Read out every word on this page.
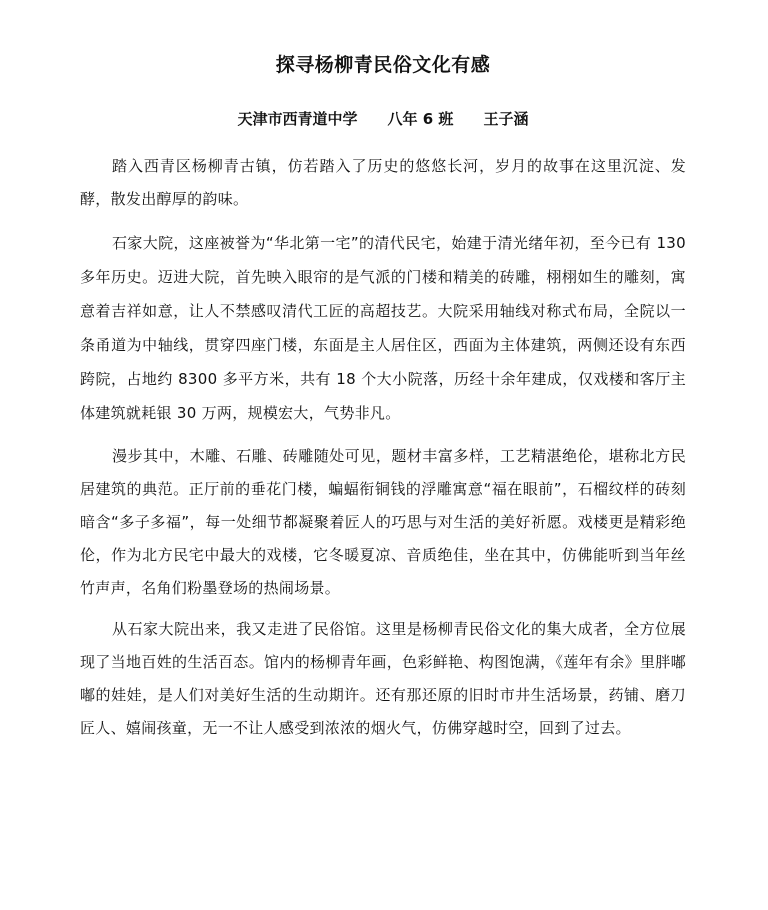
探寻杨柳青民俗文化有感
天津市西青道中学 八年 6 班 王子涵

踏入西青区杨柳青古镇，仿若踏入了历史的悠悠长河，岁月的故事在这里沉淀、发酵，散发出醇厚的韵味。

石家大院，这座被誉为“华北第一宅”的清代民宅，始建于清光绪年初，至今已有 130 多年历史。迈进大院，首先映入眼帘的是气派的门楼和精美的砖雕，栩栩如生的雕刻，寓意着吉祥如意，让人不禁感叹清代工匠的高超技艺。大院采用轴线对称式布局，全院以一条甬道为中轴线，贯穿四座门楼，东面是主人居住区，西面为主体建筑，两侧还设有东西跨院，占地约 8300 多平方米，共有 18 个大小院落，历经十余年建成，仅戏楼和客厅主体建筑就耗银 30 万两，规模宏大，气势非凡。

漫步其中，木雕、石雕、砖雕随处可见，题材丰富多样，工艺精湛绝伦，堪称北方民居建筑的典范。正厅前的垂花门楼，蝙蝠衔铜钱的浮雕寓意“福在眼前”，石榴纹样的砖刻暗含“多子多福”，每一处细节都凝聚着匠人的巧思与对生活的美好祈愿。戏楼更是精彩绝伦，作为北方民宅中最大的戏楼，它冬暖夏凉、音质绝佳，坐在其中，仿佛能听到当年丝竹声声，名角们粉墨登场的热闹场景。

从石家大院出来，我又走进了民俗馆。这里是杨柳青民俗文化的集大成者，全方位展现了当地百姓的生活百态。馆内的杨柳青年画，色彩鲜艳、构图饱满，《莲年有余》里胖嘟嘟的娃娃，是人们对美好生活的生动期许。还有那还原的旧时市井生活场景，药铺、磨刀匠人、嬉闹孩童，无一不让人感受到浓浓的烟火气，仿佛穿越时空，回到了过去。
